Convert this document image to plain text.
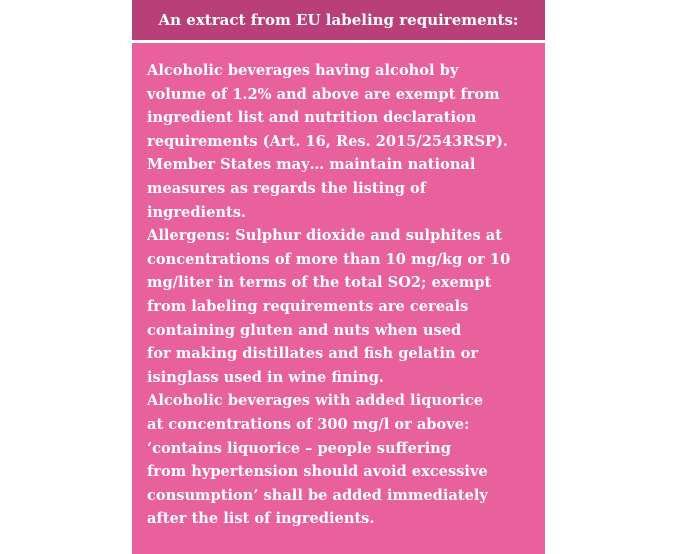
An extract from EU labeling requirements:
Alcoholic beverages having alcohol by
volume of 1.2% and above are exempt from
ingredient list and nutrition declaration
requirements (Art. 16, Res. 2015/2543RSP).
Member States may… maintain national
measures as regards the listing of
ingredients.
Allergens: Sulphur dioxide and sulphites at
concentrations of more than 10 mg/kg or 10
mg/liter in terms of the total SO2; exempt
from labeling requirements are cereals
containing gluten and nuts when used
for making distillates and fish gelatin or
isinglass used in wine fining.
Alcoholic beverages with added liquorice
at concentrations of 300 mg/l or above:
‘contains liquorice – people suffering
from hypertension should avoid excessive
consumption’ shall be added immediately
after the list of ingredients.
